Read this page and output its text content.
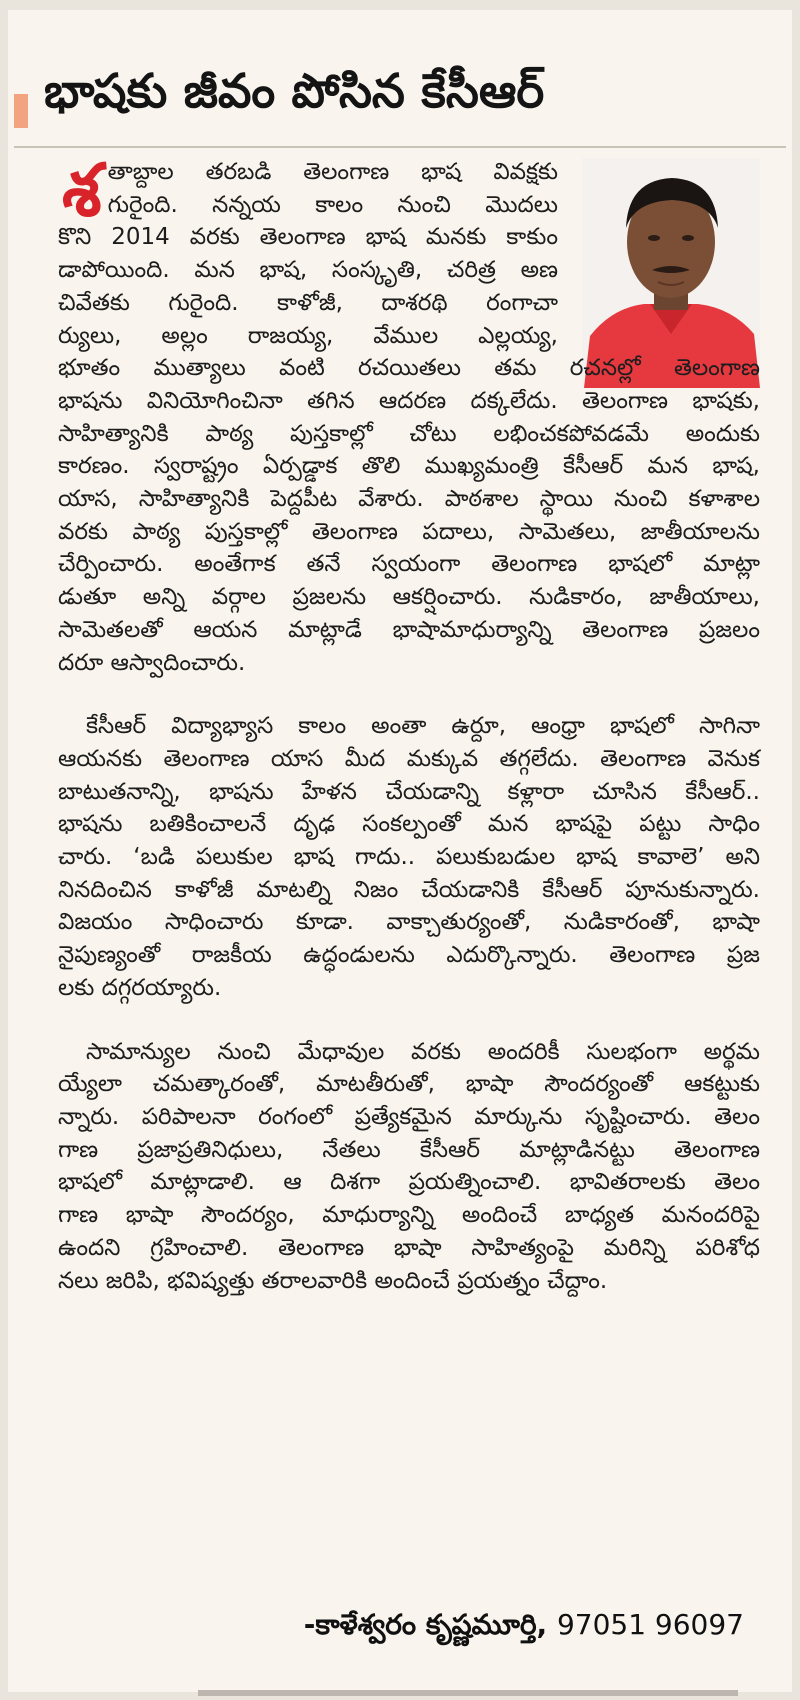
భాషకు జీవం పోసిన కేసీఆర్
శ తాబ్దాల తరబడి తెలంగాణ భాష వివక్షకు
గురైంది. నన్నయ కాలం నుంచి మొదలు
కొని 2014 వరకు తెలంగాణ భాష మనకు కాకుం
డాపోయింది. మన భాష, సంస్కృతి, చరిత్ర అణ
చివేతకు గురైంది. కాళోజీ, దాశరథి రంగాచా
ర్యులు, అల్లం రాజయ్య, వేముల ఎల్లయ్య,
భూతం ముత్యాలు వంటి రచయితలు తమ రచనల్లో తెలంగాణ
భాషను వినియోగించినా తగిన ఆదరణ దక్కలేదు. తెలంగాణ భాషకు,
సాహిత్యానికి పాఠ్య పుస్తకాల్లో చోటు లభించకపోవడమే అందుకు
కారణం. స్వరాష్ట్రం ఏర్పడ్డాక తొలి ముఖ్యమంత్రి కేసీఆర్ మన భాష,
యాస, సాహిత్యానికి పెద్దపీట వేశారు. పాఠశాల స్థాయి నుంచి కళాశాల
వరకు పాఠ్య పుస్తకాల్లో తెలంగాణ పదాలు, సామెతలు, జాతీయాలను
చేర్పించారు. అంతేగాక తనే స్వయంగా తెలంగాణ భాషలో మాట్లా
డుతూ అన్ని వర్గాల ప్రజలను ఆకర్షించారు. నుడికారం, జాతీయాలు,
సామెతలతో ఆయన మాట్లాడే భాషామాధుర్యాన్ని తెలంగాణ ప్రజలం
దరూ ఆస్వాదించారు.
కేసీఆర్ విద్యాభ్యాస కాలం అంతా ఉర్దూ, ఆంధ్రా భాషలో సాగినా
ఆయనకు తెలంగాణ యాస మీద మక్కువ తగ్గలేదు. తెలంగాణ వెనుక
బాటుతనాన్ని, భాషను హేళన చేయడాన్ని కళ్లారా చూసిన కేసీఆర్..
భాషను బతికించాలనే దృఢ సంకల్పంతో మన భాషపై పట్టు సాధిం
చారు. ‘బడి పలుకుల భాష గాదు.. పలుకుబడుల భాష కావాలె’ అని
నినదించిన కాళోజీ మాటల్ని నిజం చేయడానికి కేసీఆర్ పూనుకున్నారు.
విజయం సాధించారు కూడా. వాక్చాతుర్యంతో, నుడికారంతో, భాషా
నైపుణ్యంతో రాజకీయ ఉద్ధండులను ఎదుర్కొన్నారు. తెలంగాణ ప్రజ
లకు దగ్గరయ్యారు.
సామాన్యుల నుంచి మేధావుల వరకు అందరికీ సులభంగా అర్థమ
య్యేలా చమత్కారంతో, మాటతీరుతో, భాషా సౌందర్యంతో ఆకట్టుకు
న్నారు. పరిపాలనా రంగంలో ప్రత్యేకమైన మార్కును సృష్టించారు. తెలం
గాణ ప్రజాప్రతినిధులు, నేతలు కేసీఆర్ మాట్లాడినట్టు తెలంగాణ
భాషలో మాట్లాడాలి. ఆ దిశగా ప్రయత్నించాలి. భావితరాలకు తెలం
గాణ భాషా సౌందర్యం, మాధుర్యాన్ని అందించే బాధ్యత మనందరిపై
ఉందని గ్రహించాలి. తెలంగాణ భాషా సాహిత్యంపై మరిన్ని పరిశోధ
నలు జరిపి, భవిష్యత్తు తరాలవారికి అందించే ప్రయత్నం చేద్దాం.
-కాళేశ్వరం కృష్ణమూర్తి, 97051 96097
